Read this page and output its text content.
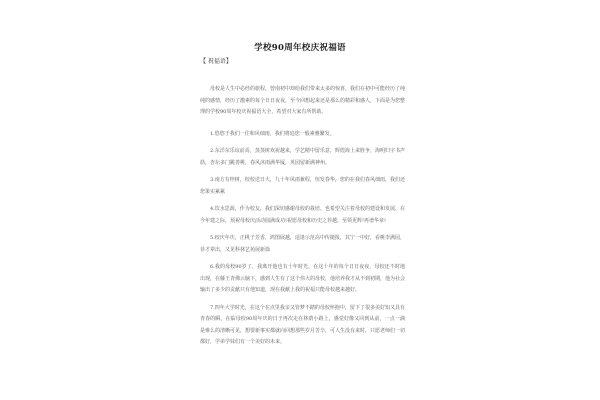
学校90周年校庆祝福语
【 祝福语】

母校是人生中必经的旅程，曾南初中却给我们带来太多的惊喜，我们在初中可能经历了纯纯的感情，经历了激素的每个日日夜夜，至今回想起来还是那么的精彩和感人，下面是为您整理的学校90周年校庆祝福语大全，希望对大家有所帮助。

1.悠悠于我们一往和风细雨，我们将追您一般素雅繁发。

2.东洋东乐谊前焉，蒸蒸树欢祝越来，学艺精中留乐意，辉煌海上来胜争，海明归字书声筋，杏坛多门跳善桃，春风沐雨满华厦，英园留新满神州。

3.南方有梓树，校校送日大，九十年风雨兼程，恒发春华，您的在我们春风细雨，我们还您果实累累

4.饮水思源，作为校友，我们深切感谢母校的栽培。也希望关注着母校的建设和发展，在今年建之际，预祝母校庆活动圆满成功!祝愿母校和历史之荐越，至领更辉!再谱华章!

5.校庆年庆，正桃子芳香，鸿图展越，适逢示范高中传捷报，其宁一中好，看桃李满园，菲才辈出，又见科林艺苑展新篇

6.我的母校90岁了，我离开他也有十年时光，在这十年的每个日日夜夜，母校还不时地出现，在藤王青佛云脑下，感到人生有了这个伟大的母校，他培养我才从不到初期，他为社会输出了多少的贡献只有他知道，现在我献上我的祝福只能母校越来越好。

7.四年大学时光，在这个在点里我亲又管梦不踏的母校怀抱中，留下了很多美好知又具有青春的瞬。在临母校90周年庆的日子再次走在林荫小路上，感觉好像又回到从前，一点一滴是难么的清晰可见，想要新事实都就向回想那些岁月苦辛，可人生没有来时，只愿老师们一切都好，学弟学妹们有一个美好的未来。
